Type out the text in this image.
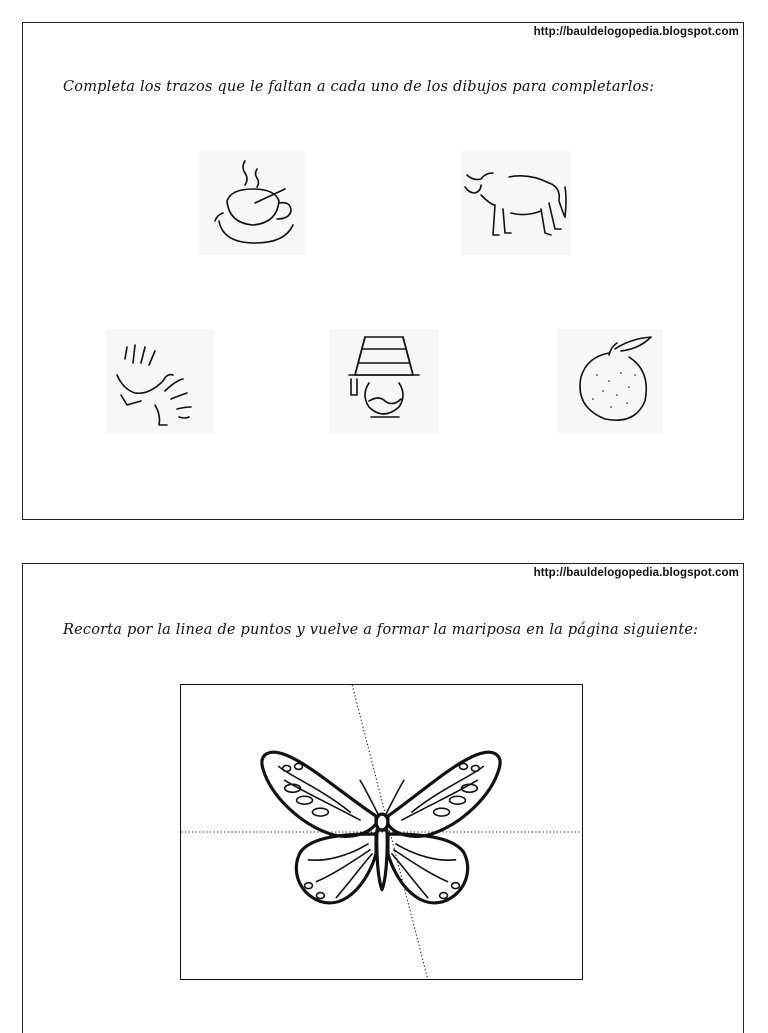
http://bauldelogopedia.blogspot.com
Completa los trazos que le faltan a cada uno de los dibujos para completarlos:
http://bauldelogopedia.blogspot.com
Recorta por la linea de puntos y vuelve a formar la mariposa en la página siguiente:
